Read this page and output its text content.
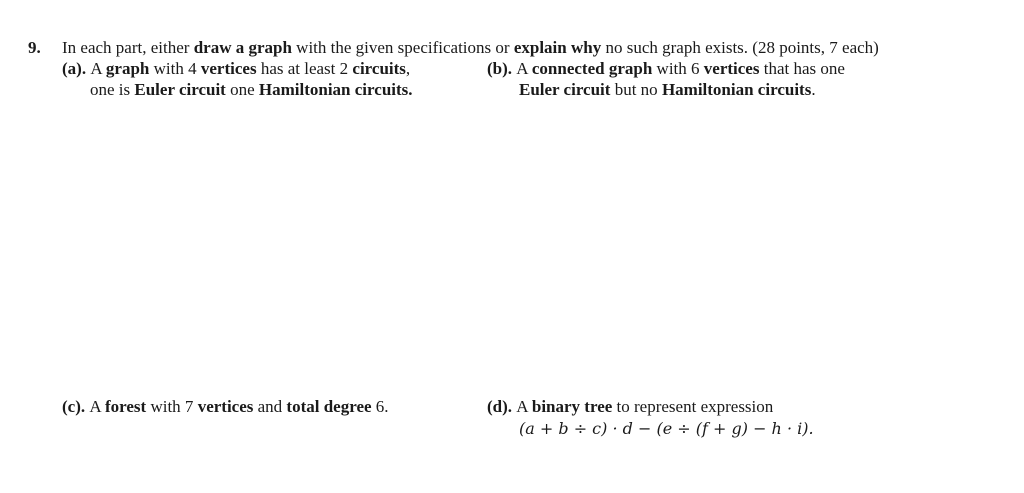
9. In each part, either draw a graph with the given specifications or explain why no such graph exists. (28 points, 7 each)
(a). A graph with 4 vertices has at least 2 circuits,
one is Euler circuit one Hamiltonian circuits.
(b). A connected graph with 6 vertices that has one
Euler circuit but no Hamiltonian circuits.
(c). A forest with 7 vertices and total degree 6.	(d). A binary tree to represent expression
(a + b ÷ c) · d − (e ÷ (f + g) − h · i).
